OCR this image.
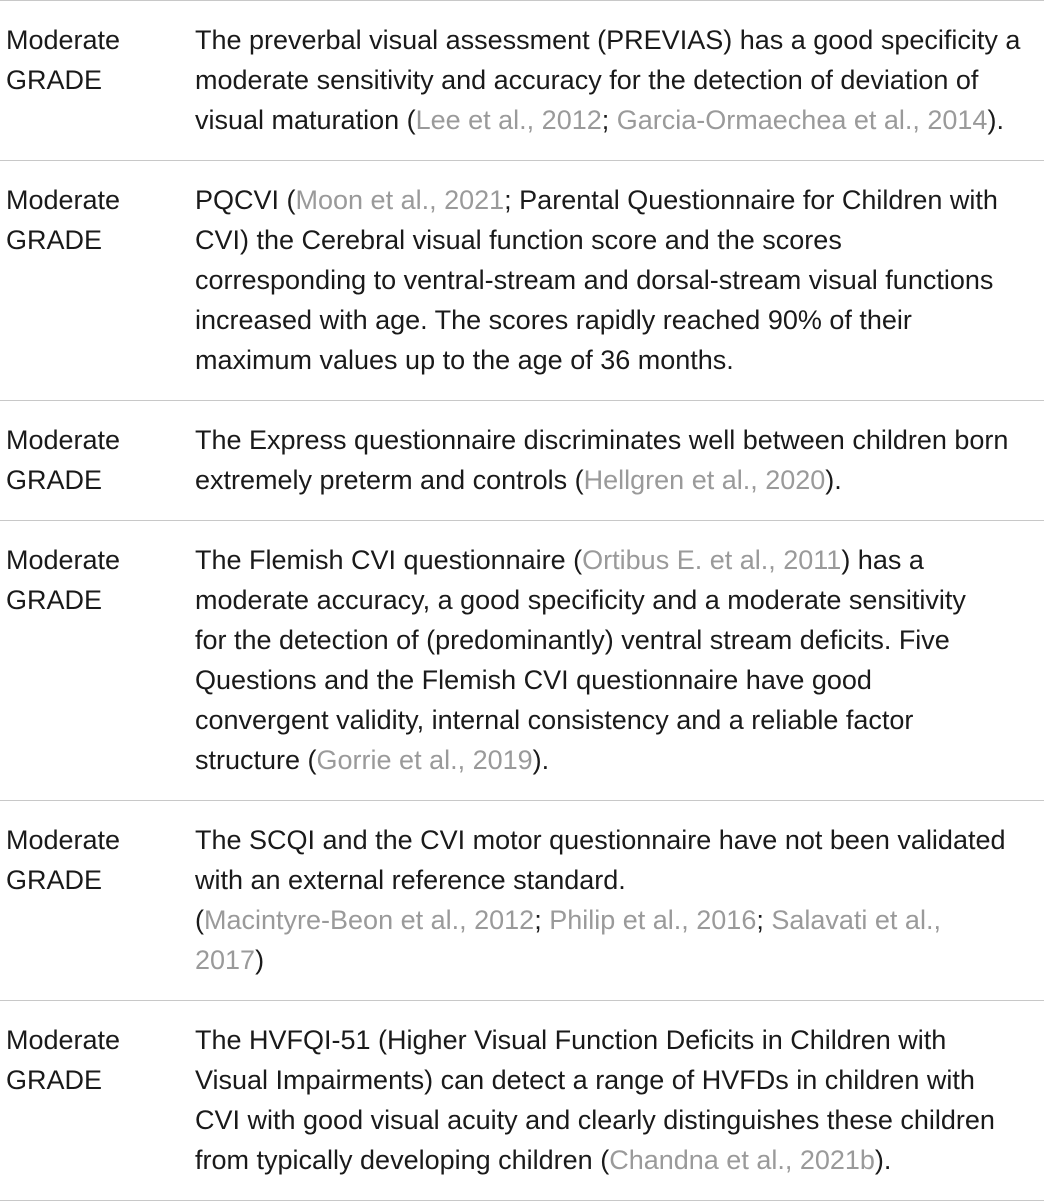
Moderate
GRADE
The preverbal visual assessment (PREVIAS) has a good specificity a
moderate sensitivity and accuracy for the detection of deviation of
visual maturation (Lee et al., 2012; Garcia-Ormaechea et al., 2014).
Moderate
GRADE
PQCVI (Moon et al., 2021; Parental Questionnaire for Children with
CVI) the Cerebral visual function score and the scores
corresponding to ventral-stream and dorsal-stream visual functions
increased with age. The scores rapidly reached 90% of their
maximum values up to the age of 36 months.
Moderate
GRADE
The Express questionnaire discriminates well between children born
extremely preterm and controls (Hellgren et al., 2020).
Moderate
GRADE
The Flemish CVI questionnaire (Ortibus E. et al., 2011) has a
moderate accuracy, a good specificity and a moderate sensitivity
for the detection of (predominantly) ventral stream deficits. Five
Questions and the Flemish CVI questionnaire have good
convergent validity, internal consistency and a reliable factor
structure (Gorrie et al., 2019).
Moderate
GRADE
The SCQI and the CVI motor questionnaire have not been validated
with an external reference standard.
(Macintyre-Beon et al., 2012; Philip et al., 2016; Salavati et al.,
2017)
Moderate
GRADE
The HVFQI-51 (Higher Visual Function Deficits in Children with
Visual Impairments) can detect a range of HVFDs in children with
CVI with good visual acuity and clearly distinguishes these children
from typically developing children (Chandna et al., 2021b).
